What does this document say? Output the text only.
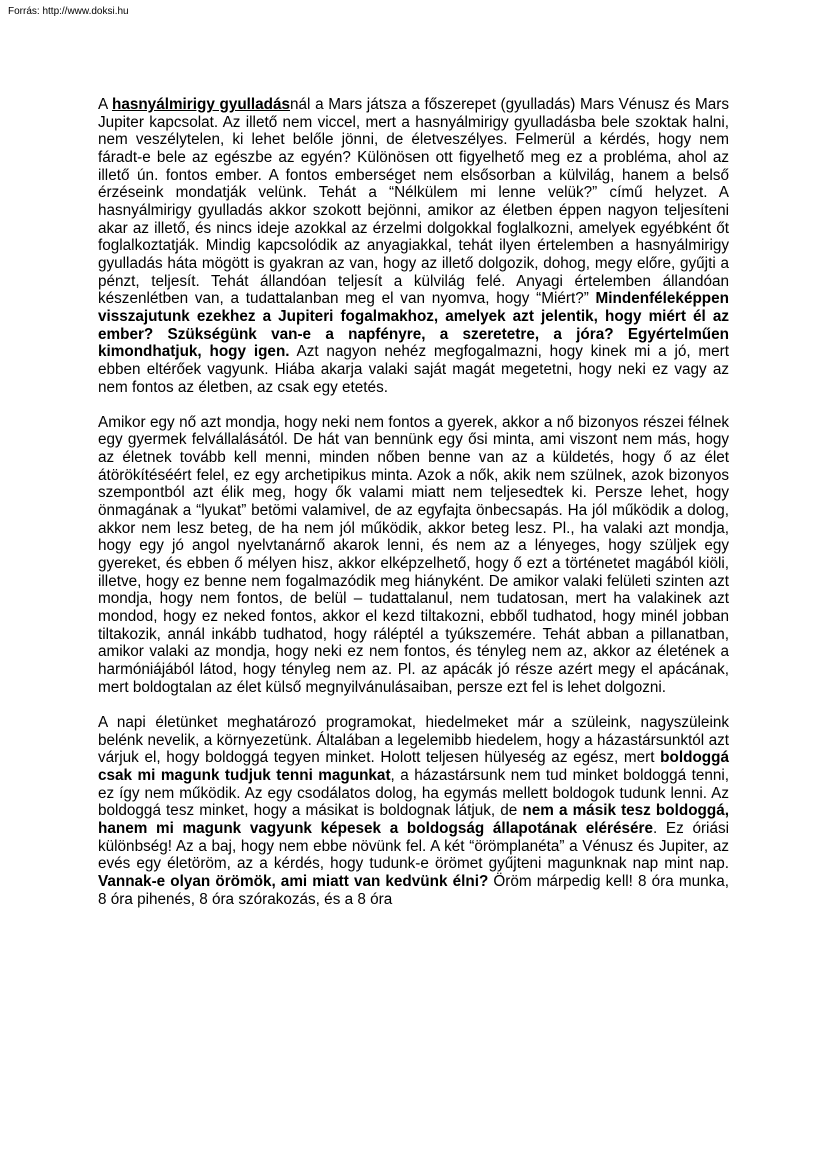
Forrás: http://www.doksi.hu

A hasnyálmirigy gyulladásnál a Mars játsza a főszerepet (gyulladás) Mars Vénusz és Mars Jupiter kapcsolat. Az illető nem viccel, mert a hasnyálmirigy gyulladásba bele szoktak halni, nem veszélytelen, ki lehet belőle jönni, de életveszélyes. Felmerül a kérdés, hogy nem fáradt-e bele az egészbe az egyén? Különösen ott figyelhető meg ez a probléma, ahol az illető ún. fontos ember. A fontos emberséget nem elsősorban a külvilág, hanem a belső érzéseink mondatják velünk. Tehát a “Nélkülem mi lenne velük?” című helyzet. A hasnyálmirigy gyulladás akkor szokott bejönni, amikor az életben éppen nagyon teljesíteni akar az illető, és nincs ideje azokkal az érzelmi dolgokkal foglalkozni, amelyek egyébként őt foglalkoztatják. Mindig kapcsolódik az anyagiakkal, tehát ilyen értelemben a hasnyálmirigy gyulladás háta mögött is gyakran az van, hogy az illető dolgozik, dohog, megy előre, gyűjti a pénzt, teljesít. Tehát állandóan teljesít a külvilág felé. Anyagi értelemben állandóan készenlétben van, a tudattalanban meg el van nyomva, hogy “Miért?” Mindenféleképpen visszajutunk ezekhez a Jupiteri fogalmakhoz, amelyek azt jelentik, hogy miért él az ember? Szükségünk van-e a napfényre, a szeretetre, a jóra? Egyértelműen kimondhatjuk, hogy igen. Azt nagyon nehéz megfogalmazni, hogy kinek mi a jó, mert ebben eltérőek vagyunk. Hiába akarja valaki saját magát megetetni, hogy neki ez vagy az nem fontos az életben, az csak egy etetés.

Amikor egy nő azt mondja, hogy neki nem fontos a gyerek, akkor a nő bizonyos részei félnek egy gyermek felvállalásától. De hát van bennünk egy ősi minta, ami viszont nem más, hogy az életnek tovább kell menni, minden nőben benne van az a küldetés, hogy ő az élet átörökítéséért felel, ez egy archetipikus minta. Azok a nők, akik nem szülnek, azok bizonyos szempontból azt élik meg, hogy ők valami miatt nem teljesedtek ki. Persze lehet, hogy önmagának a “lyukat” betömi valamivel, de az egyfajta önbecsapás. Ha jól működik a dolog, akkor nem lesz beteg, de ha nem jól működik, akkor beteg lesz. Pl., ha valaki azt mondja, hogy egy jó angol nyelvtanárnő akarok lenni, és nem az a lényeges, hogy szüljek egy gyereket, és ebben ő mélyen hisz, akkor elképzelhető, hogy ő ezt a történetet magából kiöli, illetve, hogy ez benne nem fogalmazódik meg hiányként. De amikor valaki felületi szinten azt mondja, hogy nem fontos, de belül – tudattalanul, nem tudatosan, mert ha valakinek azt mondod, hogy ez neked fontos, akkor el kezd tiltakozni, ebből tudhatod, hogy minél jobban tiltakozik, annál inkább tudhatod, hogy ráléptél a tyúkszemére. Tehát abban a pillanatban, amikor valaki az mondja, hogy neki ez nem fontos, és tényleg nem az, akkor az életének a harmóniájából látod, hogy tényleg nem az. Pl. az apácák jó része azért megy el apácának, mert boldogtalan az élet külső megnyilvánulásaiban, persze ezt fel is lehet dolgozni.

A napi életünket meghatározó programokat, hiedelmeket már a szüleink, nagyszüleink belénk nevelik, a környezetünk. Általában a legelemibb hiedelem, hogy a házastársunktól azt várjuk el, hogy boldoggá tegyen minket. Holott teljesen hülyeség az egész, mert boldoggá csak mi magunk tudjuk tenni magunkat, a házastársunk nem tud minket boldoggá tenni, ez így nem működik. Az egy csodálatos dolog, ha egymás mellett boldogok tudunk lenni. Az boldoggá tesz minket, hogy a másikat is boldognak látjuk, de nem a másik tesz boldoggá, hanem mi magunk vagyunk képesek a boldogság állapotának elérésére. Ez óriási különbség! Az a baj, hogy nem ebbe növünk fel. A két “örömplanéta” a Vénusz és Jupiter, az evés egy életöröm, az a kérdés, hogy tudunk-e örömet gyűjteni magunknak nap mint nap. Vannak-e olyan örömök, ami miatt van kedvünk élni? Öröm márpedig kell! 8 óra munka, 8 óra pihenés, 8 óra szórakozás, és a 8 óra
